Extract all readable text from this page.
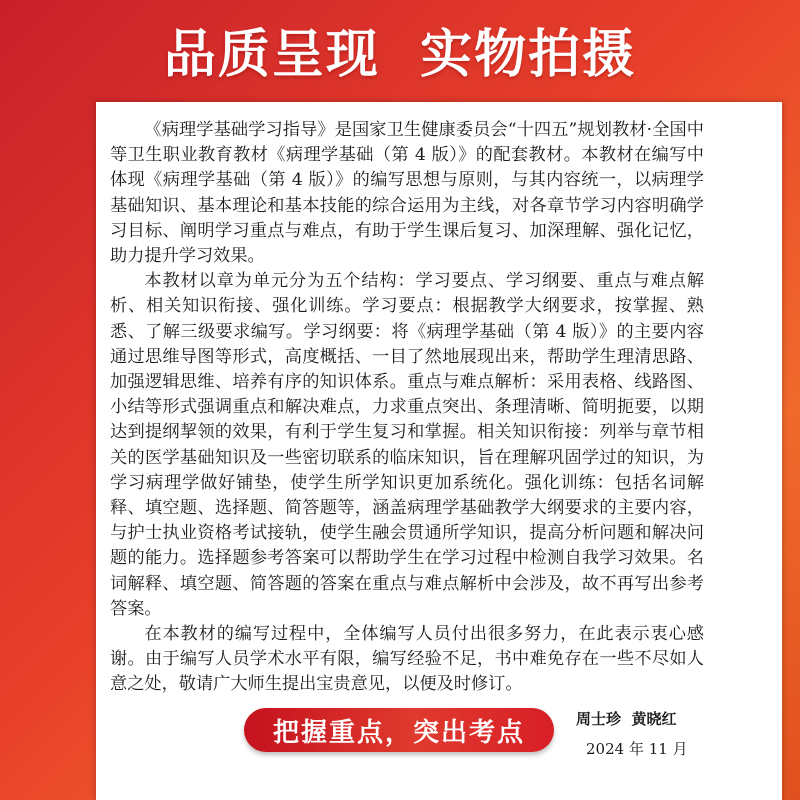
品质呈现  实物拍摄

《病理学基础学习指导》是国家卫生健康委员会“十四五”规划教材·全国中等卫生职业教育教材《病理学基础（第 4 版）》的配套教材。本教材在编写中体现《病理学基础（第 4 版）》的编写思想与原则，与其内容统一，以病理学基础知识、基本理论和基本技能的综合运用为主线，对各章节学习内容明确学习目标、阐明学习重点与难点，有助于学生课后复习、加深理解、强化记忆，助力提升学习效果。

本教材以章为单元分为五个结构：学习要点、学习纲要、重点与难点解析、相关知识衔接、强化训练。学习要点：根据教学大纲要求，按掌握、熟悉、了解三级要求编写。学习纲要：将《病理学基础（第 4 版）》的主要内容通过思维导图等形式，高度概括、一目了然地展现出来，帮助学生理清思路、加强逻辑思维、培养有序的知识体系。重点与难点解析：采用表格、线路图、小结等形式强调重点和解决难点，力求重点突出、条理清晰、简明扼要，以期达到提纲挈领的效果，有利于学生复习和掌握。相关知识衔接：列举与章节相关的医学基础知识及一些密切联系的临床知识，旨在理解巩固学过的知识，为学习病理学做好铺垫，使学生所学知识更加系统化。强化训练：包括名词解释、填空题、选择题、简答题等，涵盖病理学基础教学大纲要求的主要内容，与护士执业资格考试接轨，使学生融会贯通所学知识，提高分析问题和解决问题的能力。选择题参考答案可以帮助学生在学习过程中检测自我学习效果。名词解释、填空题、简答题的答案在重点与难点解析中会涉及，故不再写出参考答案。

在本教材的编写过程中，全体编写人员付出很多努力，在此表示衷心感谢。由于编写人员学术水平有限，编写经验不足，书中难免存在一些不尽如人意之处，敬请广大师生提出宝贵意见，以便及时修订。

把握重点，突出考点	周士珍  黄晓红
2024 年 11 月
